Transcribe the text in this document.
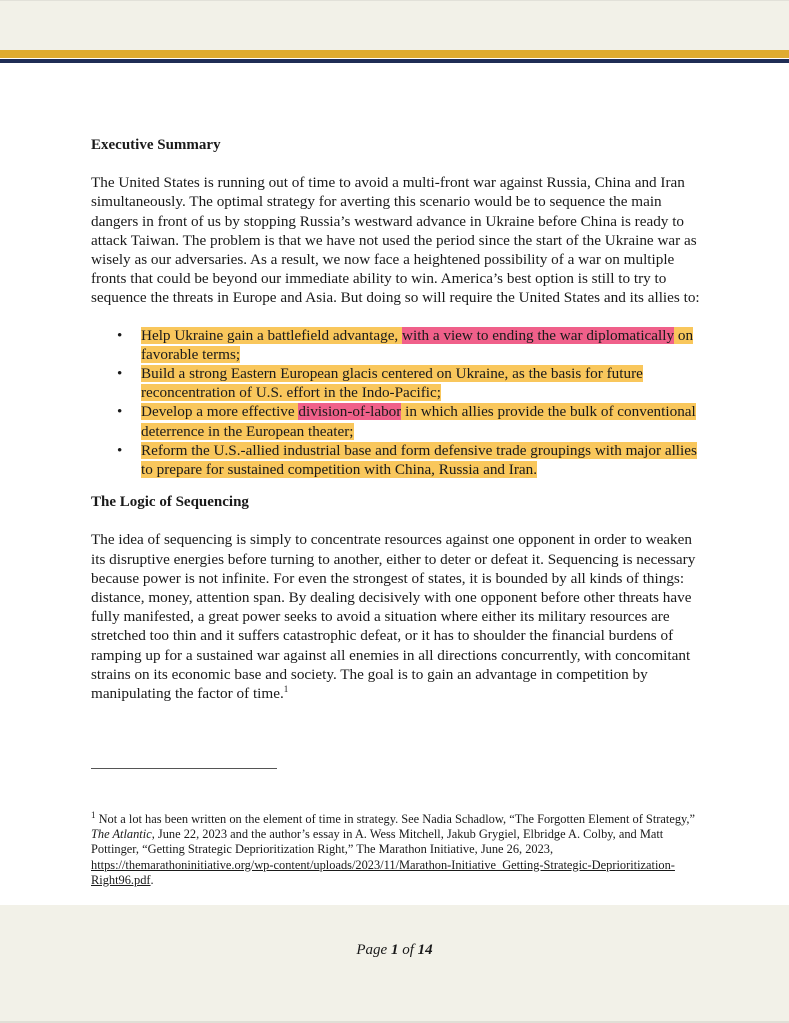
Executive Summary

The United States is running out of time to avoid a multi-front war against Russia, China and Iran simultaneously. The optimal strategy for averting this scenario would be to sequence the main dangers in front of us by stopping Russia’s westward advance in Ukraine before China is ready to attack Taiwan. The problem is that we have not used the period since the start of the Ukraine war as wisely as our adversaries. As a result, we now face a heightened possibility of a war on multiple fronts that could be beyond our immediate ability to win. America’s best option is still to try to sequence the threats in Europe and Asia. But doing so will require the United States and its allies to:

• Help Ukraine gain a battlefield advantage, with a view to ending the war diplomatically on favorable terms;
• Build a strong Eastern European glacis centered on Ukraine, as the basis for future reconcentration of U.S. effort in the Indo-Pacific;
• Develop a more effective division-of-labor in which allies provide the bulk of conventional deterrence in the European theater;
• Reform the U.S.-allied industrial base and form defensive trade groupings with major allies to prepare for sustained competition with China, Russia and Iran.
The Logic of Sequencing

The idea of sequencing is simply to concentrate resources against one opponent in order to weaken its disruptive energies before turning to another, either to deter or defeat it. Sequencing is necessary because power is not infinite. For even the strongest of states, it is bounded by all kinds of things: distance, money, attention span. By dealing decisively with one opponent before other threats have fully manifested, a great power seeks to avoid a situation where either its military resources are stretched too thin and it suffers catastrophic defeat, or it has to shoulder the financial burdens of ramping up for a sustained war against all enemies in all directions concurrently, with concomitant strains on its economic base and society. The goal is to gain an advantage in competition by manipulating the factor of time.$^1$

$^1$ Not a lot has been written on the element of time in strategy. See Nadia Schadlow, “The Forgotten Element of Strategy,” The Atlantic, June 22, 2023 and the author’s essay in A. Wess Mitchell, Jakub Grygiel, Elbridge A. Colby, and Matt Pottinger, “Getting Strategic Deprioritization Right,” The Marathon Initiative, June 26, 2023, https://themarathoninitiative.org/wp-content/uploads/2023/11/Marathon-Initiative_Getting-Strategic-Deprioritization-Right96.pdf.
Page 1 of 14
